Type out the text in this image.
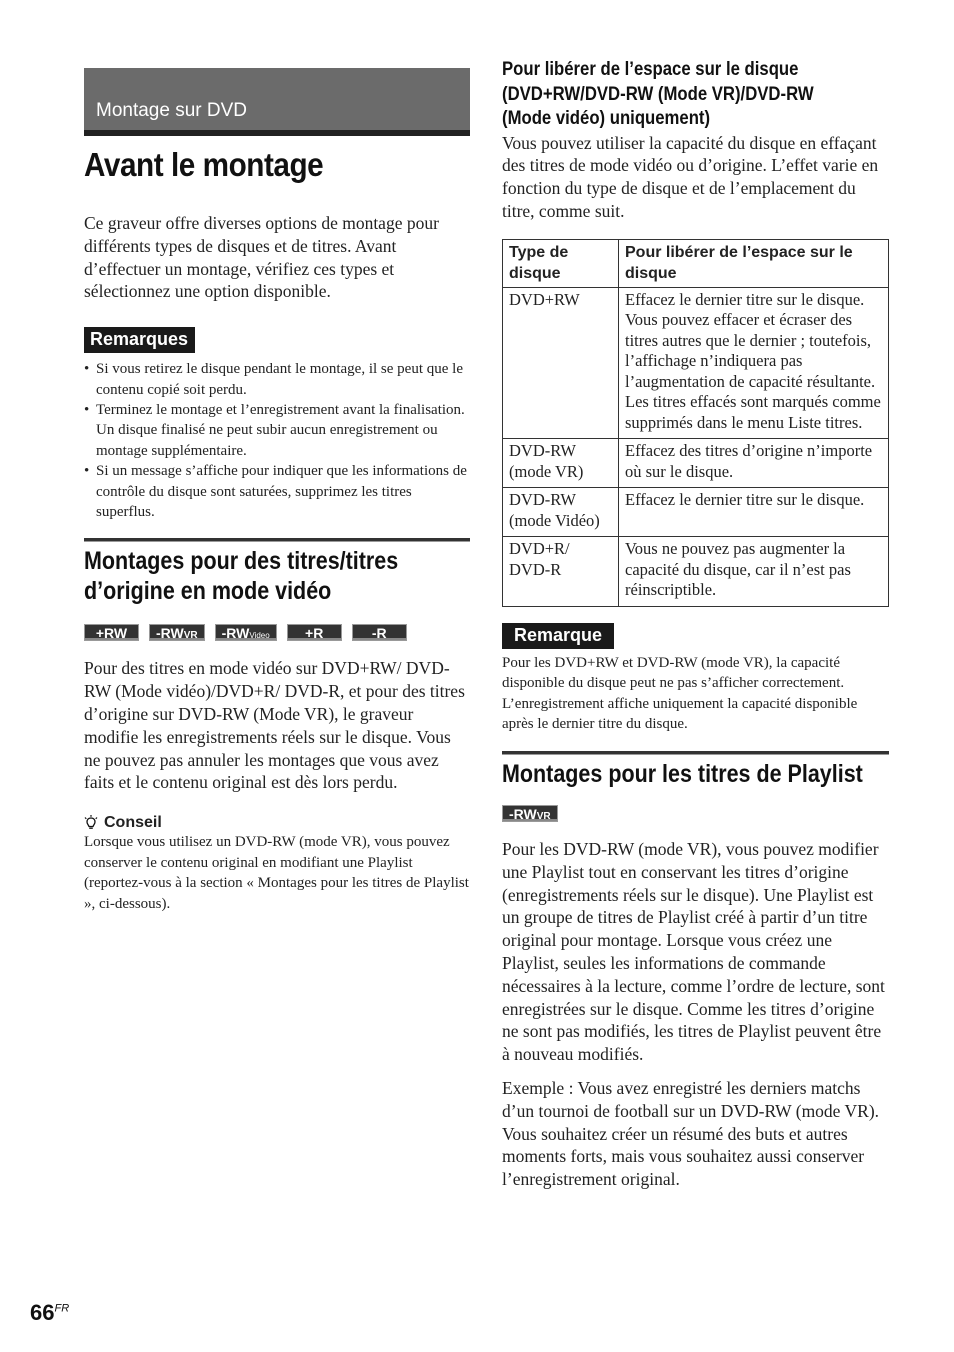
Montage sur DVD
Avant le montage

Ce graveur offre diverses options de montage pour différents types de disques et de titres. Avant d’effectuer un montage, vérifiez ces types et sélectionnez une option disponible.

Remarques
• Si vous retirez le disque pendant le montage, il se peut que le contenu copié soit perdu.
• Terminez le montage et l’enregistrement avant la finalisation. Un disque finalisé ne peut subir aucun enregistrement ou montage supplémentaire.
• Si un message s’affiche pour indiquer que les informations de contrôle du disque sont saturées, supprimez les titres superflus.
Montages pour des titres/titres
d’origine en mode vidéo
+RW	-RWVR	-RWVideo	+R	-R

Pour des titres en mode vidéo sur DVD+RW/ DVD-RW (Mode vidéo)/DVD+R/ DVD-R, et pour des titres d’origine sur DVD-RW (Mode VR), le graveur modifie les enregistrements réels sur le disque. Vous ne pouvez pas annuler les montages que vous avez faits et le contenu original est dès lors perdu.

Conseil

Lorsque vous utilisez un DVD-RW (mode VR), vous pouvez conserver le contenu original en modifiant une Playlist (reportez-vous à la section « Montages pour les titres de Playlist », ci-dessous).

Pour libérer de l’espace sur le disque
(DVD+RW/DVD-RW (Mode VR)/DVD-RW
(Mode vidéo) uniquement)

Vous pouvez utiliser la capacité du disque en effaçant des titres de mode vidéo ou d’origine. L’effet varie en fonction du type de disque et de l’emplacement du titre, comme suit.

Type de disque	Pour libérer de l’espace sur le disque
DVD+RW	Effacez le dernier titre sur le disque. Vous pouvez effacer et écraser des titres autres que le dernier ; toutefois, l’affichage n’indiquera pas l’augmentation de capacité résultante. Les titres effacés sont marqués comme supprimés dans le menu Liste titres.
DVD-RW (mode VR)	Effacez des titres d’origine n’importe où sur le disque.
DVD-RW (mode Vidéo)	Effacez le dernier titre sur le disque.
DVD+R/ DVD-R	Vous ne pouvez pas augmenter la capacité du disque, car il n’est pas réinscriptible.
Remarque

Pour les DVD+RW et DVD-RW (mode VR), la capacité disponible du disque peut ne pas s’afficher correctement. L’enregistrement affiche uniquement la capacité disponible après le dernier titre du disque.

Montages pour les titres de Playlist
-RWVR

Pour les DVD-RW (mode VR), vous pouvez modifier une Playlist tout en conservant les titres d’origine (enregistrements réels sur le disque). Une Playlist est un groupe de titres de Playlist créé à partir d’un titre original pour montage. Lorsque vous créez une Playlist, seules les informations de commande nécessaires à la lecture, comme l’ordre de lecture, sont enregistrées sur le disque. Comme les titres d’origine ne sont pas modifiés, les titres de Playlist peuvent être à nouveau modifiés.

Exemple : Vous avez enregistré les derniers matchs d’un tournoi de football sur un DVD-RW (mode VR). Vous souhaitez créer un résumé des buts et autres moments forts, mais vous souhaitez aussi conserver l’enregistrement original.

$66^{FR}$
